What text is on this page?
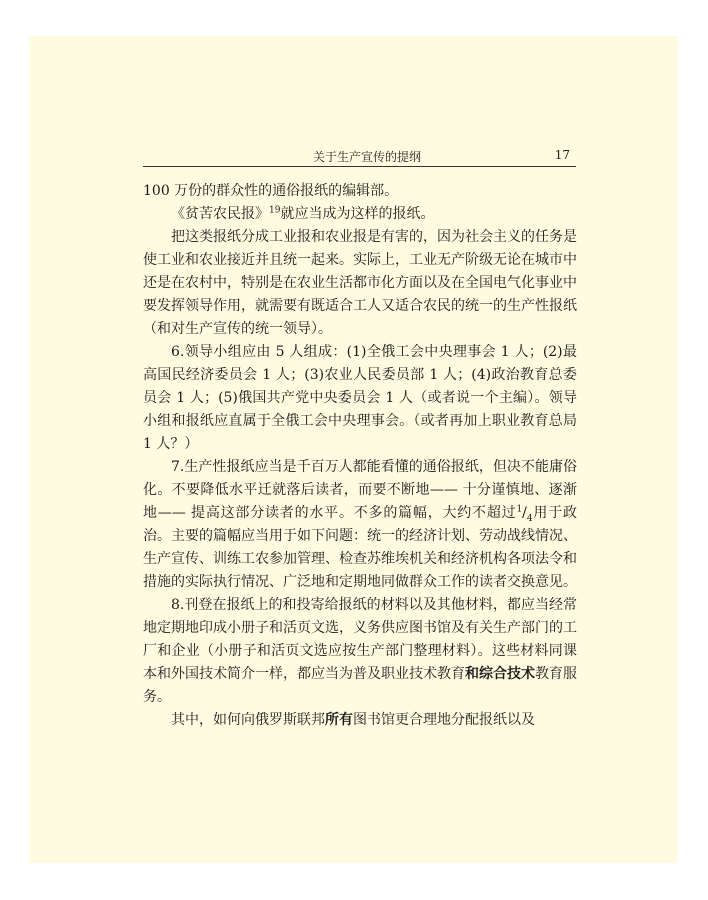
关于生产宣传的提纲	17

100 万份的群众性的通俗报纸的编辑部。

《贫苦农民报》$^{19}$就应当成为这样的报纸。

把这类报纸分成工业报和农业报是有害的，因为社会主义的任务是使工业和农业接近并且统一起来。实际上，工业无产阶级无论在城市中还是在农村中，特别是在农业生活都市化方面以及在全国电气化事业中要发挥领导作用，就需要有既适合工人又适合农民的统一的生产性报纸（和对生产宣传的统一领导）。

6.领导小组应由 5 人组成：(1)全俄工会中央理事会 1 人；(2)最高国民经济委员会 1 人；(3)农业人民委员部 1 人；(4)政治教育总委员会 1 人；(5)俄国共产党中央委员会 1 人（或者说一个主编）。领导小组和报纸应直属于全俄工会中央理事会。（或者再加上职业教育总局 1 人？）

7.生产性报纸应当是千百万人都能看懂的通俗报纸，但决不能庸俗化。不要降低水平迁就落后读者，而要不断地—— 十分谨慎地、逐渐地—— 提高这部分读者的水平。不多的篇幅，大约不超过$^1/_4$用于政治。主要的篇幅应当用于如下问题：统一的经济计划、劳动战线情况、生产宣传、训练工农参加管理、检查苏维埃机关和经济机构各项法令和措施的实际执行情况、广泛地和定期地同做群众工作的读者交换意见。

8.刊登在报纸上的和投寄给报纸的材料以及其他材料，都应当经常地定期地印成小册子和活页文选，义务供应图书馆及有关生产部门的工厂和企业（小册子和活页文选应按生产部门整理材料）。这些材料同课本和外国技术简介一样，都应当为普及职业技术教育和综合技术教育服务。

其中，如何向俄罗斯联邦所有图书馆更合理地分配报纸以及
